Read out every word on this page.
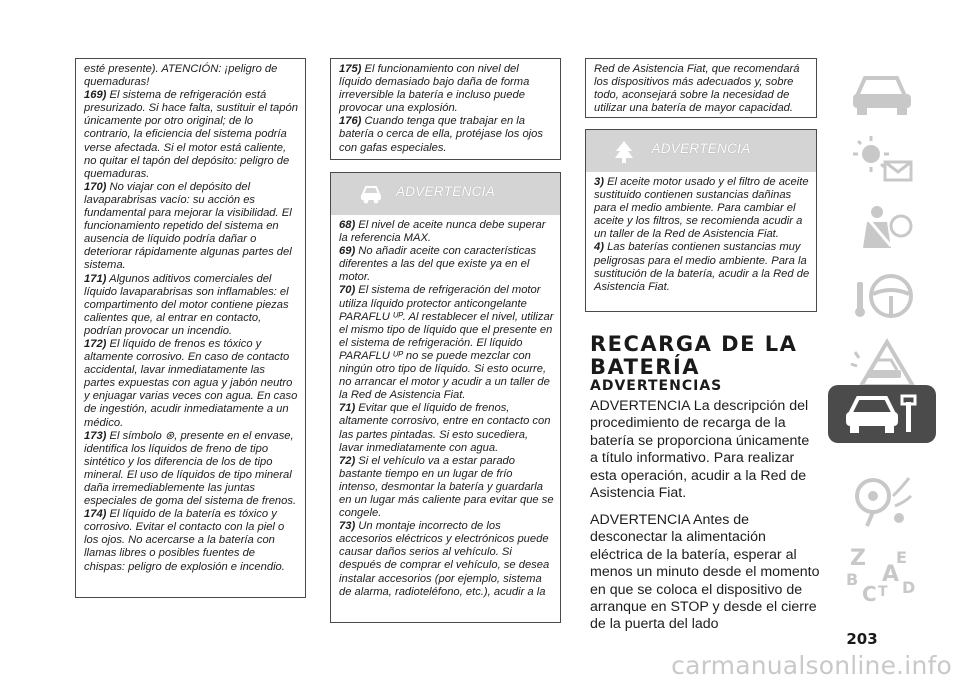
esté presente). ATENCIÓN: ¡peligro de quemaduras!

169) El sistema de refrigeración está presurizado. Si hace falta, sustituir el tapón únicamente por otro original; de lo contrario, la eficiencia del sistema podría verse afectada. Si el motor está caliente, no quitar el tapón del depósito: peligro de quemaduras.

170) No viajar con el depósito del lavaparabrisas vacío: su acción es fundamental para mejorar la visibilidad. El funcionamiento repetido del sistema en ausencia de líquido podría dañar o deteriorar rápidamente algunas partes del sistema.

171) Algunos aditivos comerciales del líquido lavaparabrisas son inflamables: el compartimento del motor contiene piezas calientes que, al entrar en contacto, podrían provocar un incendio.

172) El líquido de frenos es tóxico y altamente corrosivo. En caso de contacto accidental, lavar inmediatamente las partes expuestas con agua y jabón neutro y enjuagar varias veces con agua. En caso de ingestión, acudir inmediatamente a un médico.

173) El símbolo ⊛, presente en el envase, identifica los líquidos de freno de tipo sintético y los diferencia de los de tipo mineral. El uso de líquidos de tipo mineral daña irremediablemente las juntas especiales de goma del sistema de frenos.

174) El líquido de la batería es tóxico y corrosivo. Evitar el contacto con la piel o los ojos. No acercarse a la batería con llamas libres o posibles fuentes de chispas: peligro de explosión e incendio.

175) El funcionamiento con nivel del líquido demasiado bajo daña de forma irreversible la batería e incluso puede provocar una explosión.

176) Cuando tenga que trabajar en la batería o cerca de ella, protéjase los ojos con gafas especiales.

ADVERTENCIA

68) El nivel de aceite nunca debe superar la referencia MAX.

69) No añadir aceite con características diferentes a las del que existe ya en el motor.

70) El sistema de refrigeración del motor utiliza líquido protector anticongelante PARAFLU ᵁᴾ. Al restablecer el nivel, utilizar el mismo tipo de líquido que el presente en el sistema de refrigeración. El líquido PARAFLU ᵁᴾ no se puede mezclar con ningún otro tipo de líquido. Si esto ocurre, no arrancar el motor y acudir a un taller de la Red de Asistencia Fiat.

71) Evitar que el líquido de frenos, altamente corrosivo, entre en contacto con las partes pintadas. Si esto sucediera, lavar inmediatamente con agua.

72) Si el vehículo va a estar parado bastante tiempo en un lugar de frío intenso, desmontar la batería y guardarla en un lugar más caliente para evitar que se congele.

73) Un montaje incorrecto de los accesorios eléctricos y electrónicos puede causar daños serios al vehículo. Si después de comprar el vehículo, se desea instalar accesorios (por ejemplo, sistema de alarma, radioteléfono, etc.), acudir a la

Red de Asistencia Fiat, que recomendará los dispositivos más adecuados y, sobre todo, aconsejará sobre la necesidad de utilizar una batería de mayor capacidad.

ADVERTENCIA

3) El aceite motor usado y el filtro de aceite sustituido contienen sustancias dañinas para el medio ambiente. Para cambiar el aceite y los filtros, se recomienda acudir a un taller de la Red de Asistencia Fiat.

4) Las baterías contienen sustancias muy peligrosas para el medio ambiente. Para la sustitución de la batería, acudir a la Red de Asistencia Fiat.

RECARGA DE LA BATERÍA
ADVERTENCIAS
ADVERTENCIA La descripción del procedimiento de recarga de la batería se proporciona únicamente a título informativo. Para realizar esta operación, acudir a la Red de Asistencia Fiat.
ADVERTENCIA Antes de desconectar la alimentación eléctrica de la batería, esperar al menos un minuto desde el momento en que se coloca el dispositivo de arranque en STOP y desde el cierre de la puerta del lado
Z E
B A
C T D
203
carmanualsonline.info
